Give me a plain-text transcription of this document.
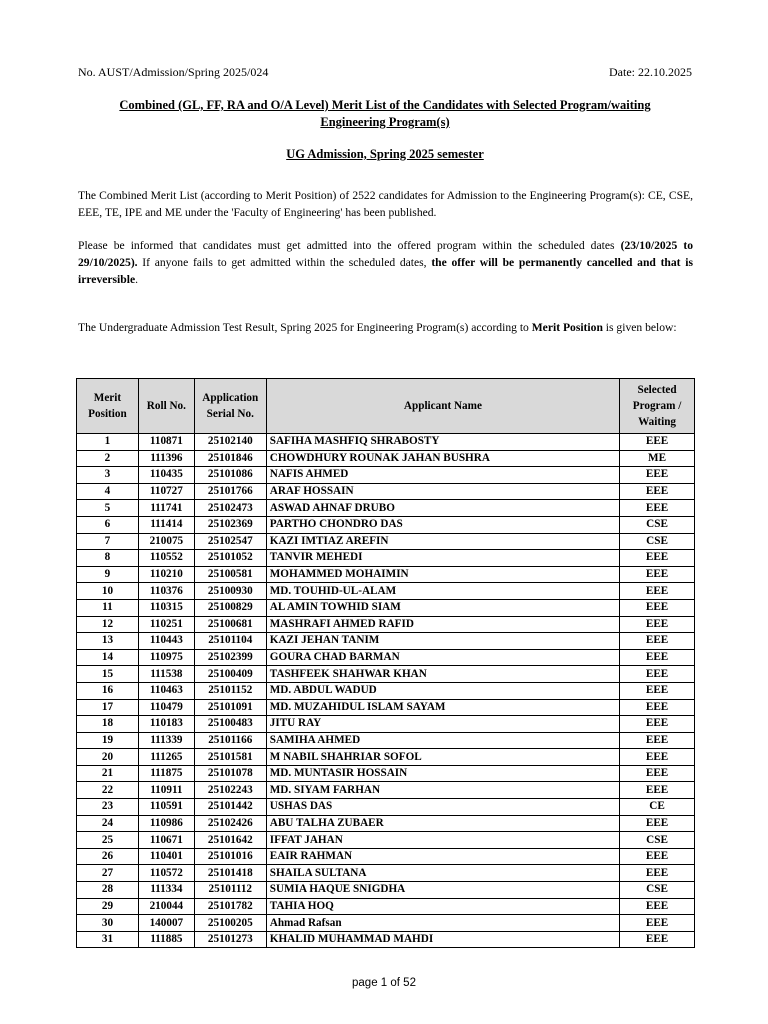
No. AUST/Admission/Spring 2025/024	Date: 22.10.2025
Combined (GL, FF, RA and O/A Level) Merit List of the Candidates with Selected Program/waiting
Engineering Program(s)
UG Admission, Spring 2025 semester
The Combined Merit List (according to Merit Position) of 2522 candidates for Admission to the Engineering Program(s): CE, CSE, EEE, TE, IPE and ME under the 'Faculty of Engineering' has been published.
Please be informed that candidates must get admitted into the offered program within the scheduled dates (23/10/2025 to 29/10/2025). If anyone fails to get admitted within the scheduled dates, the offer will be permanently cancelled and that is irreversible.
The Undergraduate Admission Test Result, Spring 2025 for Engineering Program(s) according to Merit Position is given below:
Merit Position	Roll No.	Application Serial No.	Applicant Name	Selected Program / Waiting
1	110871	25102140	SAFIHA MASHFIQ SHRABOSTY	EEE
2	111396	25101846	CHOWDHURY ROUNAK JAHAN BUSHRA	ME
3	110435	25101086	NAFIS AHMED	EEE
4	110727	25101766	ARAF HOSSAIN	EEE
5	111741	25102473	ASWAD AHNAF DRUBO	EEE
6	111414	25102369	PARTHO CHONDRO DAS	CSE
7	210075	25102547	KAZI IMTIAZ AREFIN	CSE
8	110552	25101052	TANVIR MEHEDI	EEE
9	110210	25100581	MOHAMMED MOHAIMIN	EEE
10	110376	25100930	MD. TOUHID-UL-ALAM	EEE
11	110315	25100829	AL AMIN TOWHID SIAM	EEE
12	110251	25100681	MASHRAFI AHMED RAFID	EEE
13	110443	25101104	KAZI JEHAN TANIM	EEE
14	110975	25102399	GOURA CHAD BARMAN	EEE
15	111538	25100409	TASHFEEK SHAHWAR KHAN	EEE
16	110463	25101152	MD. ABDUL WADUD	EEE
17	110479	25101091	MD. MUZAHIDUL ISLAM SAYAM	EEE
18	110183	25100483	JITU RAY	EEE
19	111339	25101166	SAMIHA AHMED	EEE
20	111265	25101581	M NABIL SHAHRIAR SOFOL	EEE
21	111875	25101078	MD. MUNTASIR HOSSAIN	EEE
22	110911	25102243	MD. SIYAM FARHAN	EEE
23	110591	25101442	USHAS DAS	CE
24	110986	25102426	ABU TALHA ZUBAER	EEE
25	110671	25101642	IFFAT JAHAN	CSE
26	110401	25101016	EAIR RAHMAN	EEE
27	110572	25101418	SHAILA SULTANA	EEE
28	111334	25101112	SUMIA HAQUE SNIGDHA	CSE
29	210044	25101782	TAHIA HOQ	EEE
30	140007	25100205	Ahmad Rafsan	EEE
31	111885	25101273	KHALID MUHAMMAD MAHDI	EEE
page 1 of 52
